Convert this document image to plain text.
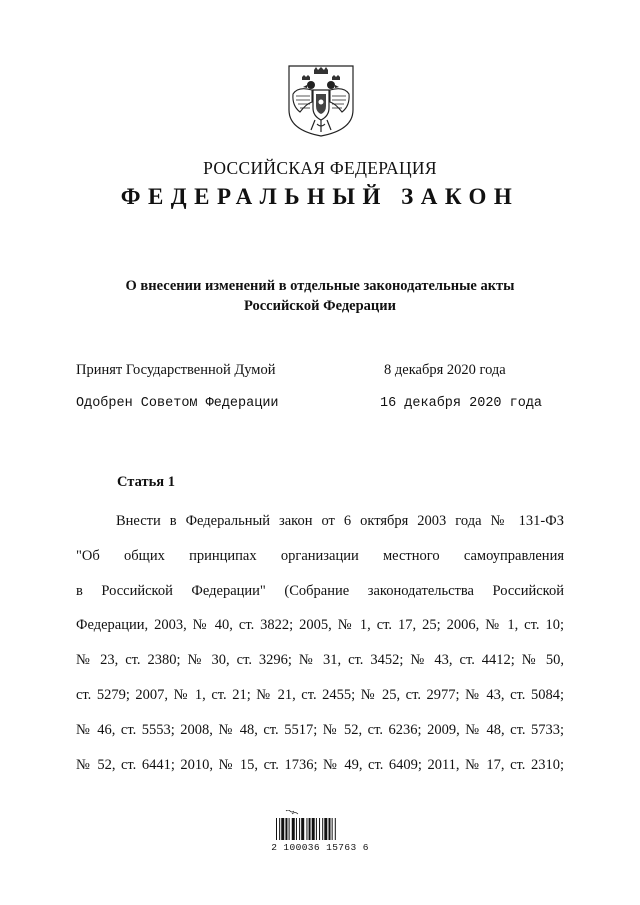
РОССИЙСКАЯ ФЕДЕРАЦИЯ
ФЕДЕРАЛЬНЫЙ ЗАКОН
О внесении изменений в отдельные законодательные акты
Российской Федерации
Принят Государственной Думой	8 декабря 2020 года
Одобрен Советом Федерации	16 декабря 2020 года
Статья 1
Внести в Федеральный закон от 6 октября 2003 года № 131-ФЗ
"Об общих принципах организации местного самоуправления
в Российской Федерации" (Собрание законодательства Российской
Федерации, 2003, № 40, ст. 3822; 2005, № 1, ст. 17, 25; 2006, № 1, ст. 10;
№ 23, ст. 2380; № 30, ст. 3296; № 31, ст. 3452; № 43, ст. 4412; № 50,
ст. 5279; 2007, № 1, ст. 21; № 21, ст. 2455; № 25, ст. 2977; № 43, ст. 5084;
№ 46, ст. 5553; 2008, № 48, ст. 5517; № 52, ст. 6236; 2009, № 48, ст. 5733;
№ 52, ст. 6441; 2010, № 15, ст. 1736; № 49, ст. 6409; 2011, № 17, ст. 2310;
2 100036 15763 6
